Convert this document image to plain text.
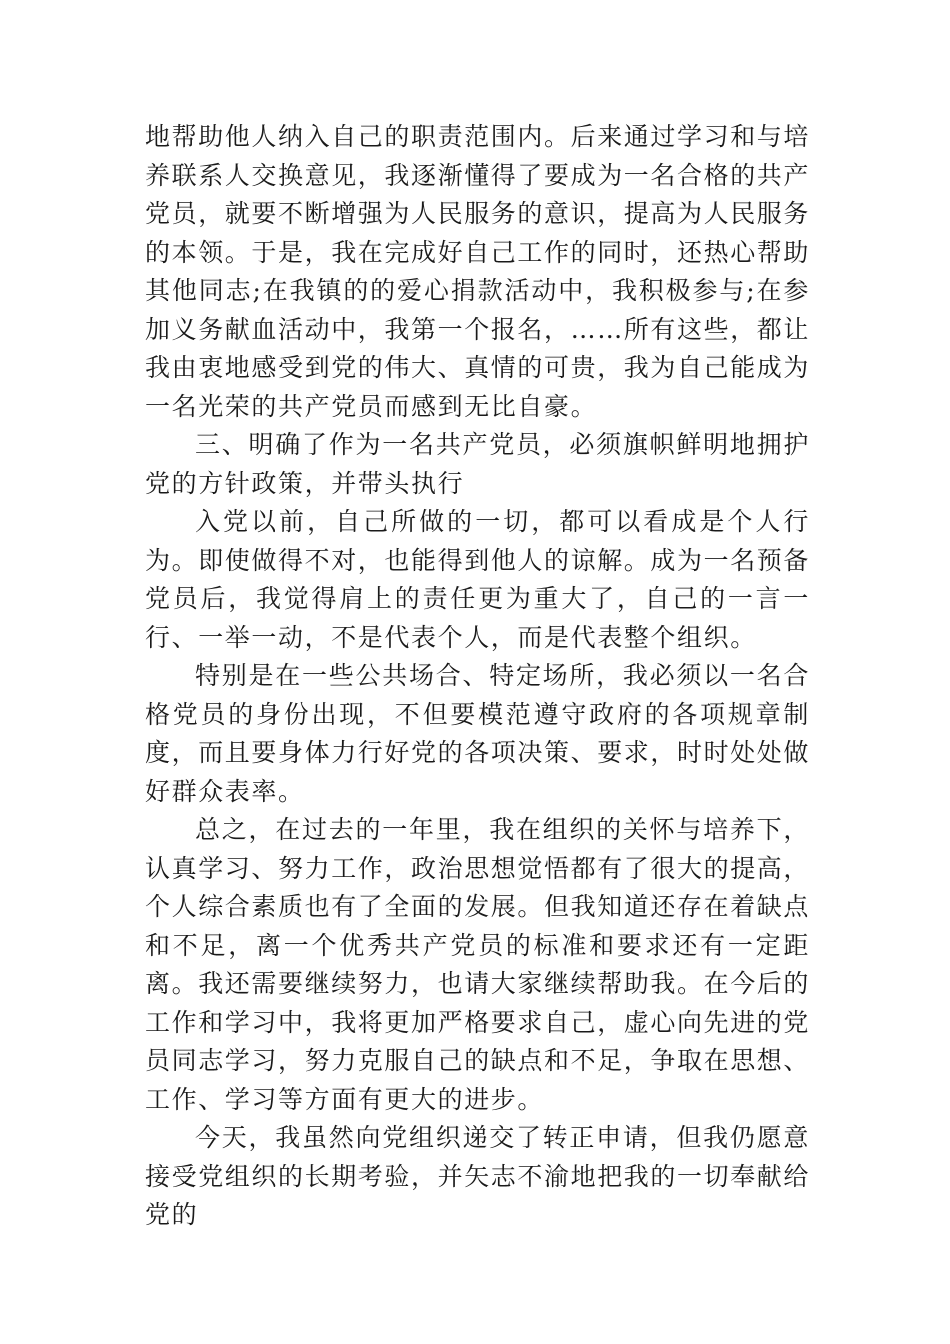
地帮助他人纳入自己的职责范围内。后来通过学习和与培养联系人交换意见，我逐渐懂得了要成为一名合格的共产党员，就要不断增强为人民服务的意识，提高为人民服务的本领。于是，我在完成好自己工作的同时，还热心帮助其他同志;在我镇的的爱心捐款活动中，我积极参与;在参加义务献血活动中，我第一个报名，……所有这些，都让我由衷地感受到党的伟大、真情的可贵，我为自己能成为一名光荣的共产党员而感到无比自豪。

三、明确了作为一名共产党员，必须旗帜鲜明地拥护党的方针政策，并带头执行

入党以前，自己所做的一切，都可以看成是个人行为。即使做得不对，也能得到他人的谅解。成为一名预备党员后，我觉得肩上的责任更为重大了，自己的一言一行、一举一动，不是代表个人，而是代表整个组织。

特别是在一些公共场合、特定场所，我必须以一名合格党员的身份出现，不但要模范遵守政府的各项规章制度，而且要身体力行好党的各项决策、要求，时时处处做好群众表率。

总之，在过去的一年里，我在组织的关怀与培养下，认真学习、努力工作，政治思想觉悟都有了很大的提高，个人综合素质也有了全面的发展。但我知道还存在着缺点和不足，离一个优秀共产党员的标准和要求还有一定距离。我还需要继续努力，也请大家继续帮助我。在今后的工作和学习中，我将更加严格要求自己，虚心向先进的党员同志学习，努力克服自己的缺点和不足，争取在思想、工作、学习等方面有更大的进步。

今天，我虽然向党组织递交了转正申请，但我仍愿意接受党组织的长期考验，并矢志不渝地把我的一切奉献给党的
